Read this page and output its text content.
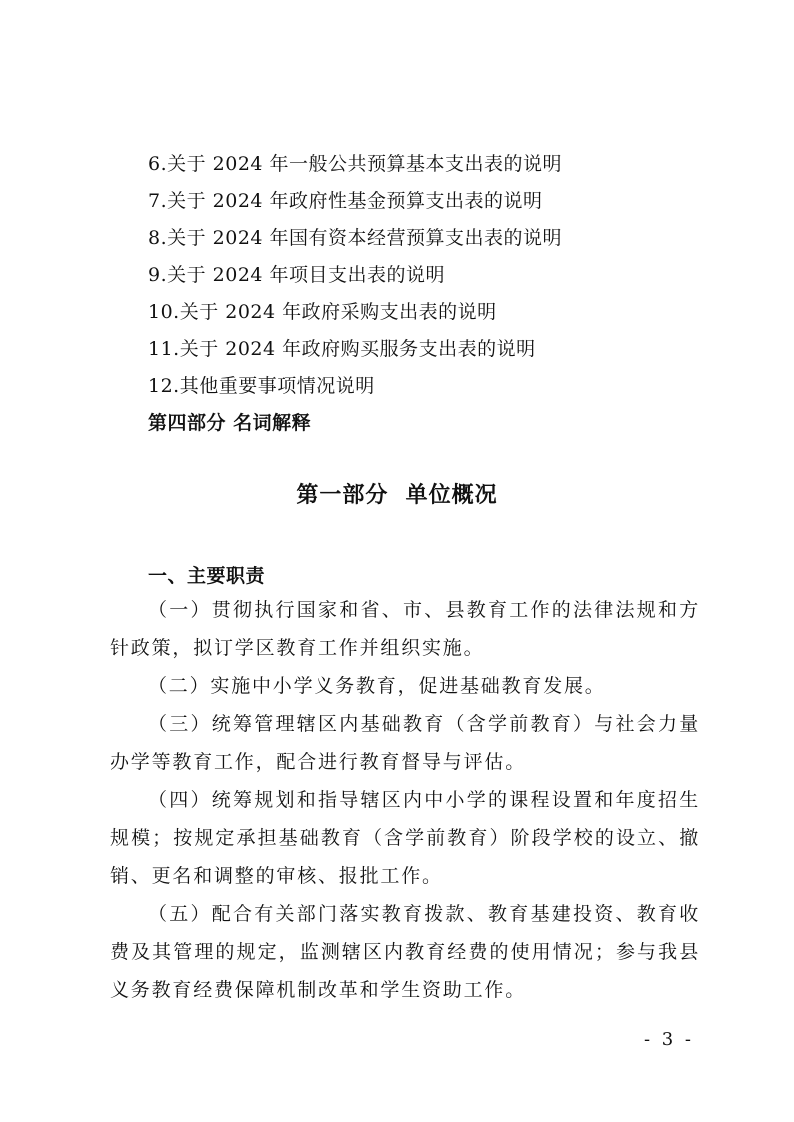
6.关于 2024 年一般公共预算基本支出表的说明
7.关于 2024 年政府性基金预算支出表的说明
8.关于 2024 年国有资本经营预算支出表的说明
9.关于 2024 年项目支出表的说明
10.关于 2024 年政府采购支出表的说明
11.关于 2024 年政府购买服务支出表的说明
12.其他重要事项情况说明
第四部分 名词解释
第一部分  单位概况
一、主要职责

（一）贯彻执行国家和省、市、县教育工作的法律法规和方针政策，拟订学区教育工作并组织实施。

（二）实施中小学义务教育，促进基础教育发展。

（三）统筹管理辖区内基础教育（含学前教育）与社会力量办学等教育工作，配合进行教育督导与评估。

（四）统筹规划和指导辖区内中小学的课程设置和年度招生规模；按规定承担基础教育（含学前教育）阶段学校的设立、撤销、更名和调整的审核、报批工作。

（五）配合有关部门落实教育拨款、教育基建投资、教育收费及其管理的规定，监测辖区内教育经费的使用情况；参与我县义务教育经费保障机制改革和学生资助工作。

- 3 -
